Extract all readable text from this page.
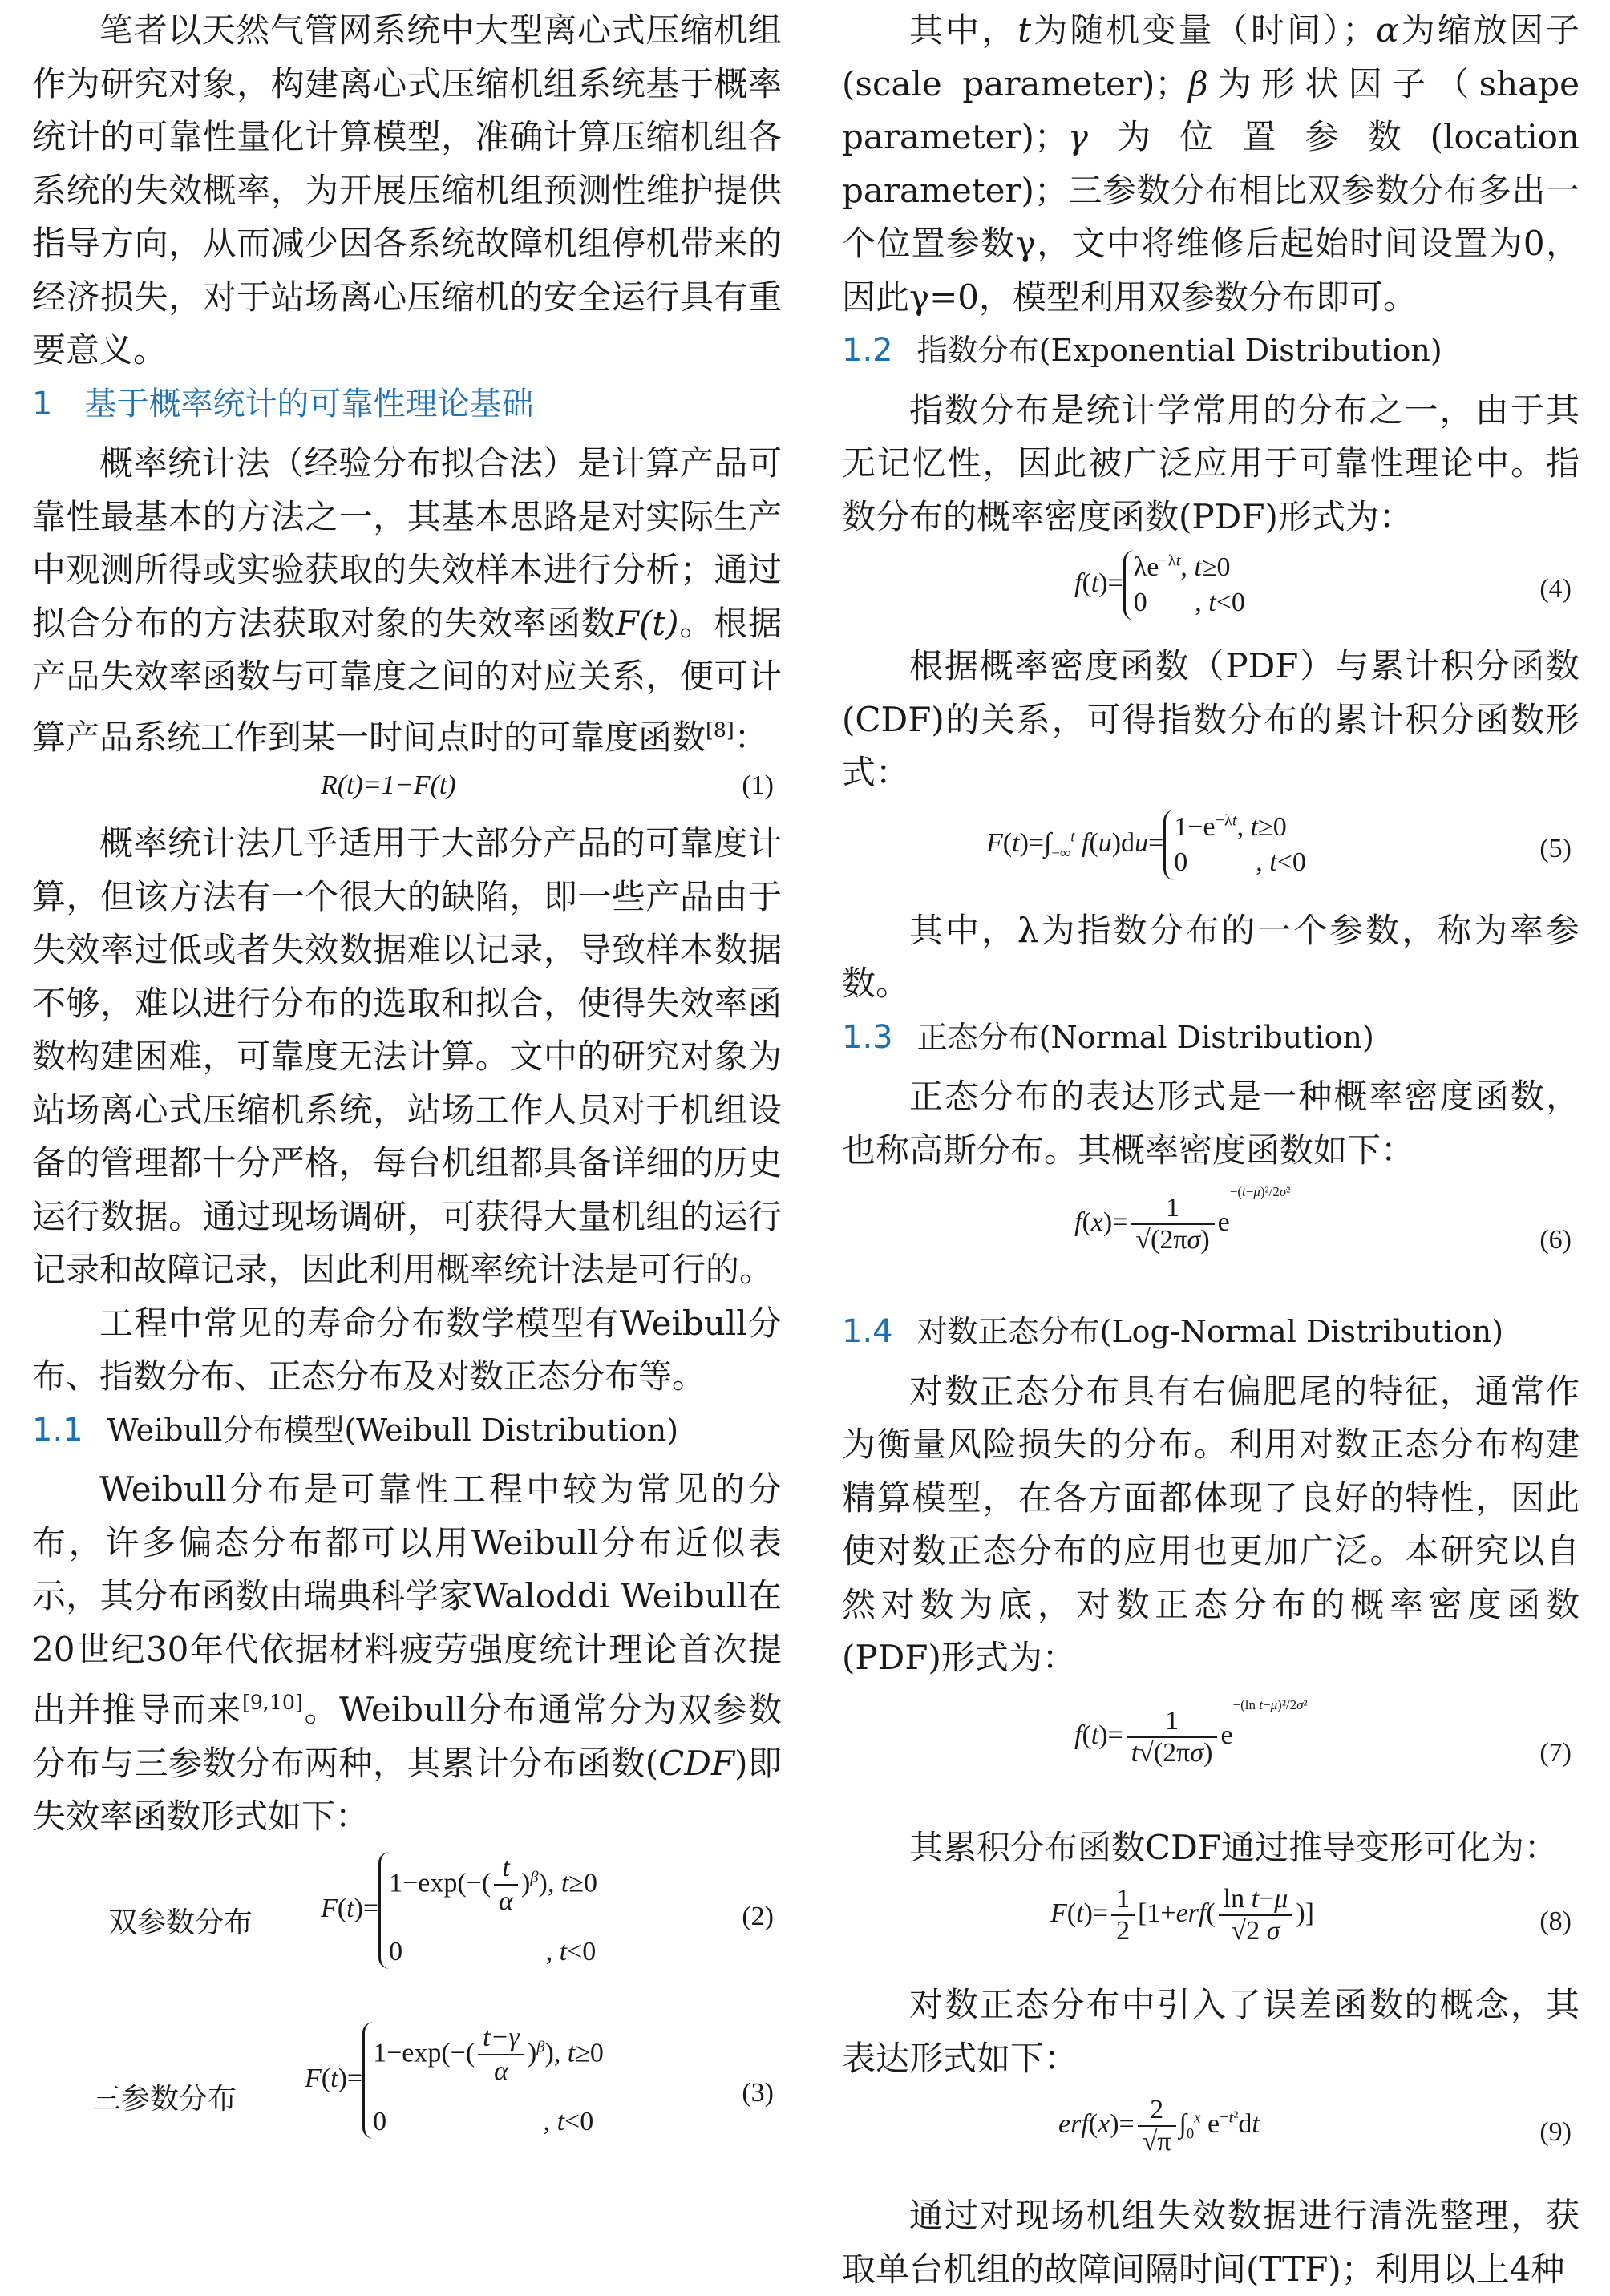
笔者以天然气管网系统中大型离心式压缩机组作为研究对象，构建离心式压缩机组系统基于概率统计的可靠性量化计算模型，准确计算压缩机组各系统的失效概率，为开展压缩机组预测性维护提供指导方向，从而减少因各系统故障机组停机带来的经济损失，对于站场离心压缩机的安全运行具有重要意义。

1 基于概率统计的可靠性理论基础

概率统计法（经验分布拟合法）是计算产品可靠性最基本的方法之一，其基本思路是对实际生产中观测所得或实验获取的失效样本进行分析；通过拟合分布的方法获取对象的失效率函数F(t)。根据产品失效率函数与可靠度之间的对应关系，便可计算产品系统工作到某一时间点时的可靠度函数[8]：

R(t)=1−F(t)	(1)

概率统计法几乎适用于大部分产品的可靠度计算，但该方法有一个很大的缺陷，即一些产品由于失效率过低或者失效数据难以记录，导致样本数据不够，难以进行分布的选取和拟合，使得失效率函数构建困难，可靠度无法计算。文中的研究对象为站场离心式压缩机系统，站场工作人员对于机组设备的管理都十分严格，每台机组都具备详细的历史运行数据。通过现场调研，可获得大量机组的运行记录和故障记录，因此利用概率统计法是可行的。

工程中常见的寿命分布数学模型有Weibull分布、指数分布、正态分布及对数正态分布等。

1.1 Weibull分布模型(Weibull Distribution)

Weibull分布是可靠性工程中较为常见的分布，许多偏态分布都可以用Weibull分布近似表示，其分布函数由瑞典科学家Waloddi Weibull在20世纪30年代依据材料疲劳强度统计理论首次提出并推导而来[9,10]。Weibull分布通常分为双参数分布与三参数分布两种，其累计分布函数(CDF)即失效率函数形式如下：

双参数分布 F(t)=
$1-\exp(-( \frac{t}{\alpha} )^\beta)$, t≥0
0                     , t<0
(2)
三参数分布
F(t)=
$1-\exp(-( \frac{t-\gamma}{\alpha} )^\beta)$, t≥0
0                       , t<0
(3)

其中，t为随机变量（时间）；α为缩放因子(scale parameter)；β为形状因子（shape parameter)；γ为位置参数(location parameter)；三参数分布相比双参数分布多出一个位置参数γ，文中将维修后起始时间设置为0，因此γ=0，模型利用双参数分布即可。

1.2 指数分布(Exponential Distribution)

指数分布是统计学常用的分布之一，由于其无记忆性，因此被广泛应用于可靠性理论中。指数分布的概率密度函数(PDF)形式为：

f(t)=
$\lambda e^{-\lambda t}$, t≥0
0       , t<0	(4)

根据概率密度函数（PDF）与累计积分函数(CDF)的关系，可得指数分布的累计积分函数形式：

$F(t)=\int_{-\infty}^t$ f(u)du=
$1-e^{-\lambda t}$, t≥0
0          , t<0	(5)

其中，λ为指数分布的一个参数，称为率参数。

1.3 正态分布(Normal Distribution)

正态分布的表达形式是一种概率密度函数，也称高斯分布。其概率密度函数如下：

$f(x)= \frac{1}{√(2\pi\sigma)} e^{-(t-\mu)^2/2\sigma^2}$
(6)
1.4 对数正态分布(Log-Normal Distribution)

对数正态分布具有右偏肥尾的特征，通常作为衡量风险损失的分布。利用对数正态分布构建精算模型，在各方面都体现了良好的特性，因此使对数正态分布的应用也更加广泛。本研究以自然对数为底，对数正态分布的概率密度函数(PDF)形式为：

$f(t)= \frac{1}{t√(2\pi\sigma)} e^{-(ln t-\mu)^2/2\sigma^2}$
(7)

其累积分布函数CDF通过推导变形可化为：

$F(t)= \frac{1}{2} [1+erf( \frac{\text{ln t−μ}}{√2 \sigma}$ )]	(8)

对数正态分布中引入了误差函数的概念，其表达形式如下：

$erf(x)= \frac{2}{√\pi} \int_0^x$ $e^{-t^2}dt$	(9)

通过对现场机组失效数据进行清洗整理，获取单台机组的故障间隔时间(TTF)；利用以上4种
